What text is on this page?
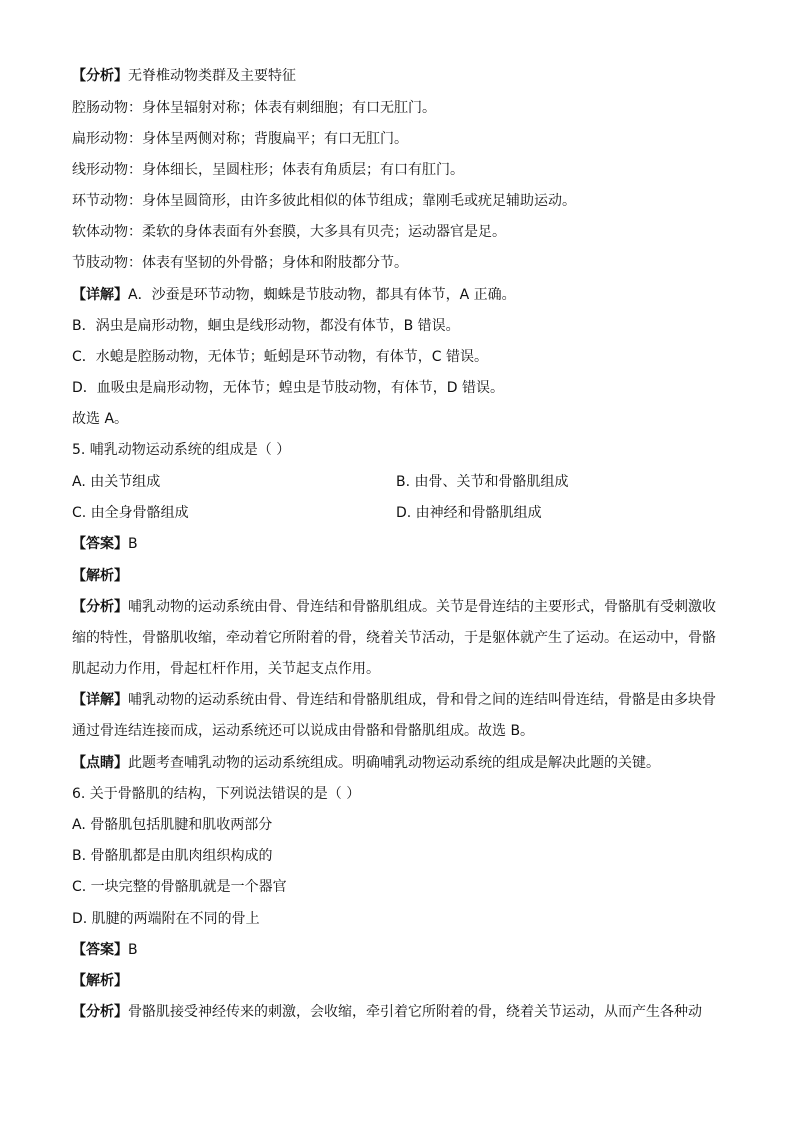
【分析】无脊椎动物类群及主要特征
腔肠动物：身体呈辐射对称；体表有刺细胞；有口无肛门。
扁形动物：身体呈两侧对称；背腹扁平；有口无肛门。
线形动物：身体细长，呈圆柱形；体表有角质层；有口有肛门。
环节动物：身体呈圆筒形，由许多彼此相似的体节组成；靠刚毛或疣足辅助运动。
软体动物：柔软的身体表面有外套膜，大多具有贝壳；运动器官是足。
节肢动物：体表有坚韧的外骨骼；身体和附肢都分节。
【详解】A．沙蚕是环节动物，蜘蛛是节肢动物，都具有体节，A 正确。
B．涡虫是扁形动物，蛔虫是线形动物，都没有体节，B 错误。
C．水螅是腔肠动物，无体节；蚯蚓是环节动物，有体节，C 错误。
D．血吸虫是扁形动物，无体节；蝗虫是节肢动物，有体节，D 错误。
故选 A。
5. 哺乳动物运动系统的组成是（ ）
A. 由关节组成	B. 由骨、关节和骨骼肌组成
C. 由全身骨骼组成	D. 由神经和骨骼肌组成
【答案】B
【解析】
【分析】哺乳动物的运动系统由骨、骨连结和骨骼肌组成。关节是骨连结的主要形式，骨骼肌有受刺激收
缩的特性，骨骼肌收缩，牵动着它所附着的骨，绕着关节活动，于是躯体就产生了运动。在运动中，骨骼
肌起动力作用，骨起杠杆作用，关节起支点作用。
【详解】哺乳动物的运动系统由骨、骨连结和骨骼肌组成，骨和骨之间的连结叫骨连结，骨骼是由多块骨
通过骨连结连接而成，运动系统还可以说成由骨骼和骨骼肌组成。故选 B。
【点睛】此题考查哺乳动物的运动系统组成。明确哺乳动物运动系统的组成是解决此题的关键。
6. 关于骨骼肌的结构，下列说法错误的是（ ）
A. 骨骼肌包括肌腱和肌收两部分
B. 骨骼肌都是由肌肉组织构成的
C. 一块完整的骨骼肌就是一个器官
D. 肌腱的两端附在不同的骨上
【答案】B
【解析】
【分析】骨骼肌接受神经传来的刺激，会收缩，牵引着它所附着的骨，绕着关节运动，从而产生各种动
